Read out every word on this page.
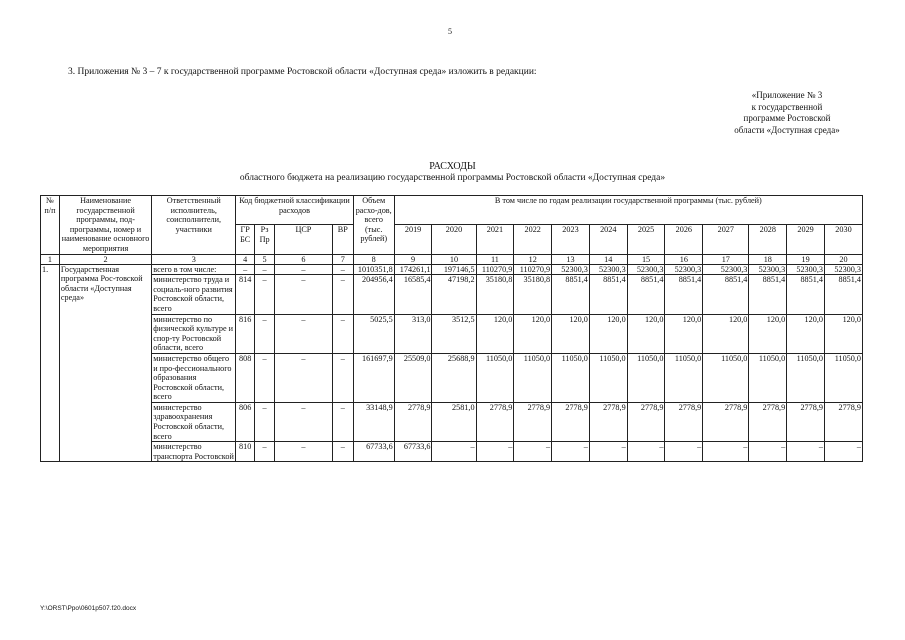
5
3. Приложения № 3 – 7 к государственной программе Ростовской области «Доступная среда» изложить в редакции:
«Приложение № 3
к государственной
программе Ростовской
области «Доступная среда»
РАСХОДЫ
областного бюджета на реализацию государственной программы Ростовской области «Доступная среда»
№ п/п	Наименование государственной программы, под-программы, номер и наименование основного мероприятия	Ответственный исполнитель, соисполнители, участники	Код бюджетной классификации расходов				Объем расхо-дов, всего (тыс. рублей)	В том числе по годам реализации государственной программы (тыс. рублей)											
			ГР БС	Рз Пр	ЦСР	ВР		2019	2020	2021	2022	2023	2024	2025	2026	2027	2028	2029	2030
1	2	3	4	5	6	7	8	9	10	11	12	13	14	15	16	17	18	19	20
1.	Государственная программа Рос-товской области «Доступная среда»	всего в том числе:	–	–	–	–	1010351,8	174261,1	197146,5	110270,9	110270,9	52300,3	52300,3	52300,3	52300,3	52300,3	52300,3	52300,3	52300,3
		министерство труда и социаль-ного развития Ростовской области, всего	814	–	–	–	204956,4	16585,4	47198,2	35180,8	35180,8	8851,4	8851,4	8851,4	8851,4	8851,4	8851,4	8851,4	8851,4
		министерство по физической культуре и спор-ту Ростовской области, всего	816	–	–	–	5025,5	313,0	3512,5	120,0	120,0	120,0	120,0	120,0	120,0	120,0	120,0	120,0	120,0
		министерство общего и про-фессионального образования Ростовской области, всего	808	–	–	–	161697,9	25509,0	25688,9	11050,0	11050,0	11050,0	11050,0	11050,0	11050,0	11050,0	11050,0	11050,0	11050,0
		министерство здравоохранения Ростовской области, всего	806	–	–	–	33148,9	2778,9	2581,0	2778,9	2778,9	2778,9	2778,9	2778,9	2778,9	2778,9	2778,9	2778,9	2778,9
		министерство транспорта Ростовской	810	–	–	–	67733,6	67733,6	–	–	–	–	–	–	–	–	–	–	–
Y:\ORST\Ppo\0601p507.f20.docx
